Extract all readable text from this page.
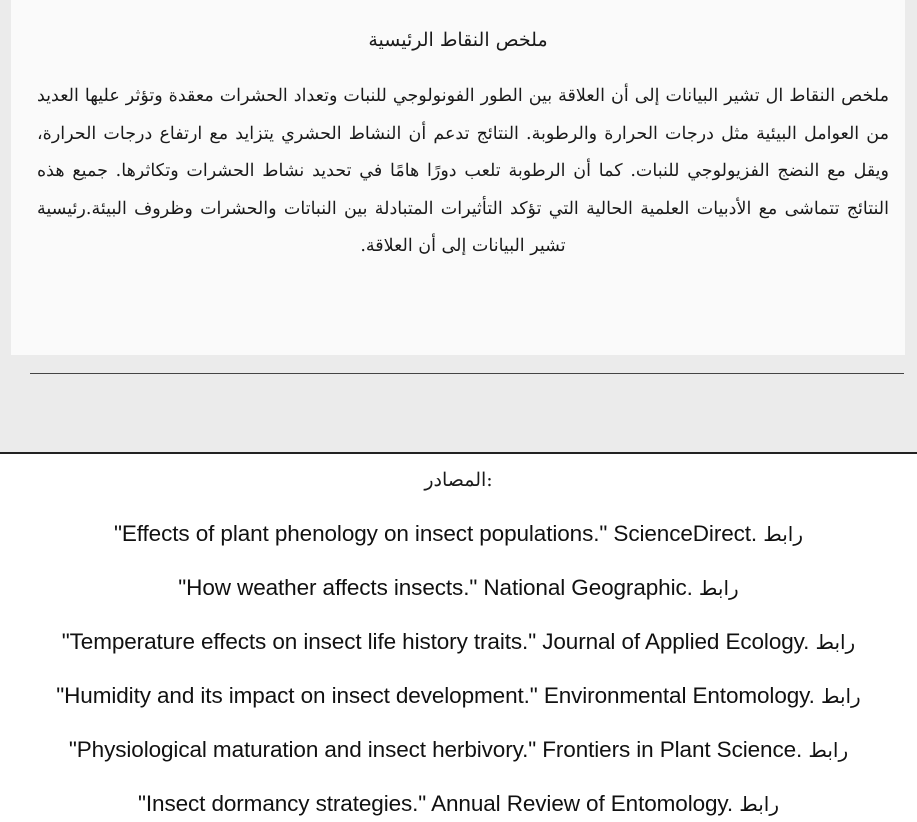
ملخص النقاط الرئيسية
ملخص النقاط ال تشير البيانات إلى أن العلاقة بين الطور الفونولوجي للنبات وتعداد الحشرات معقدة وتؤثر عليها العديد من العوامل البيئية مثل درجات الحرارة والرطوبة. النتائج تدعم أن النشاط الحشري يتزايد مع ارتفاع درجات الحرارة، ويقل مع النضج الفزيولوجي للنبات. كما أن الرطوبة تلعب دورًا هامًا في تحديد نشاط الحشرات وتكاثرها. جميع هذه النتائج تتماشى مع الأدبيات العلمية الحالية التي تؤكد التأثيرات المتبادلة بين النباتات والحشرات وظروف البيئة.رئيسية تشير البيانات إلى أن العلاقة.
:المصادر
"Effects of plant phenology on insect populations." ScienceDirect. رابط
"How weather affects insects." National Geographic. رابط
"Temperature effects on insect life history traits." Journal of Applied Ecology. رابط
"Humidity and its impact on insect development." Environmental Entomology. رابط
"Physiological maturation and insect herbivory." Frontiers in Plant Science. رابط
"Insect dormancy strategies." Annual Review of Entomology. رابط
